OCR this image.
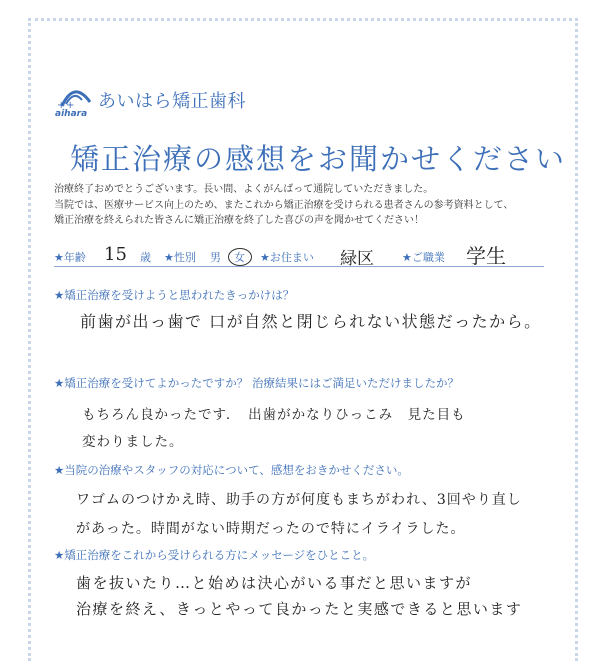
+ +
aihara
あいはら矯正歯科
矯正治療の感想をお聞かせください
治療終了おめでとうございます。長い間、よくがんばって通院していただきました。
当院では、医療サービス向上のため、またこれから矯正治療を受けられる患者さんの参考資料として、
矯正治療を終えられた皆さんに矯正治療を終了した喜びの声を聞かせてください！
★年齢 15 歳 ★性別 男 女 ★お住まい 緑区	★ご職業 学生
★矯正治療を受けようと思われたきっかけは？
前歯が出っ歯で 口が自然と閉じられない状態だったから。
★矯正治療を受けてよかったですか？ 治療結果にはご満足いただけましたか？
もちろん良かったです．　出歯がかなりひっこみ　見た目も
変わりました。
★当院の治療やスタッフの対応について、感想をおきかせください。
ワゴムのつけかえ時、助手の方が何度もまちがわれ、3回やり直し
があった。時間がない時期だったので特にイライラした。
★矯正治療をこれから受けられる方にメッセージをひとこと。
歯を抜いたり…と始めは決心がいる事だと思いますが
治療を終え、きっとやって良かったと実感できると思います
